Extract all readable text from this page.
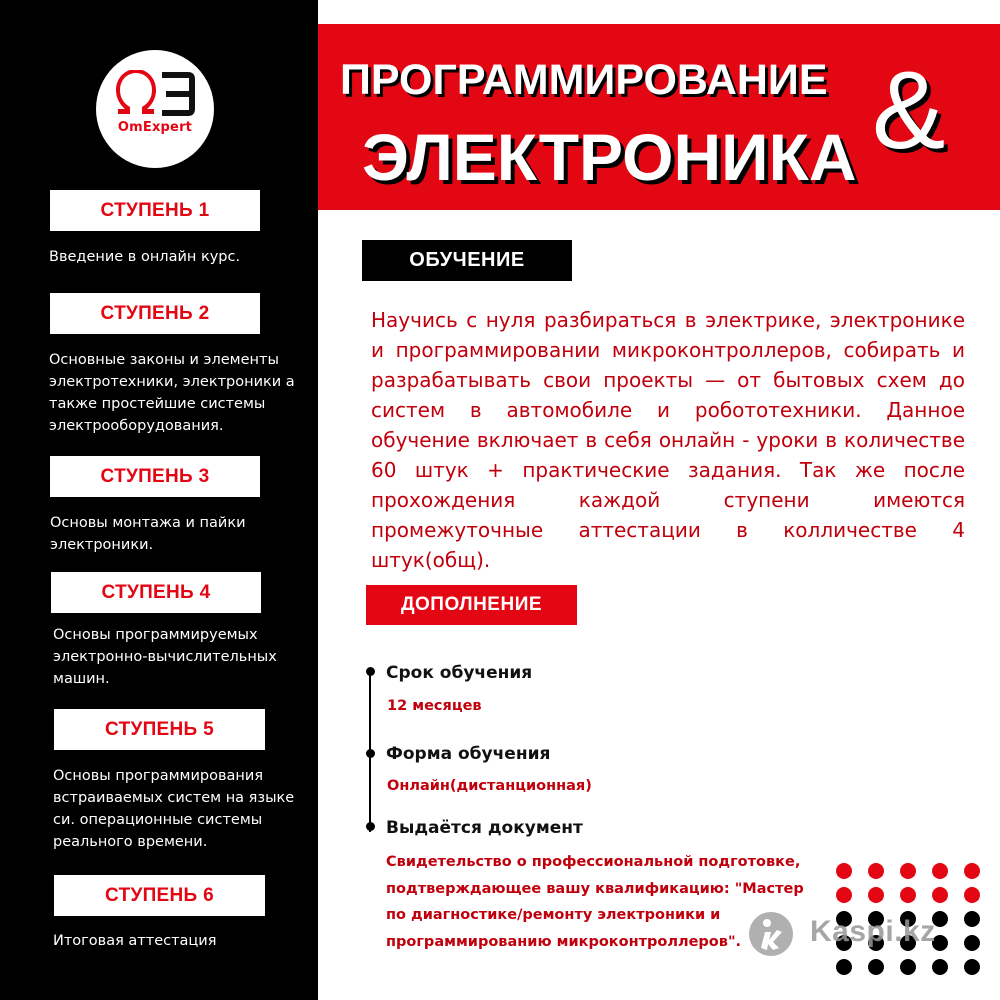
OmExpert
СТУПЕНЬ 1
Введение в онлайн курс.
СТУПЕНЬ 2
Основные законы и элементы электротехники, электроники а также простейшие системы электрооборудования.
СТУПЕНЬ 3
Основы монтажа и пайки электроники.
СТУПЕНЬ 4
Основы программируемых электронно-вычислительных машин.
СТУПЕНЬ 5
Основы программирования встраиваемых систем на языке си. операционные системы реального времени.
СТУПЕНЬ 6
Итоговая аттестация
ПРОГРАММИРОВАНИЕ
ЭЛЕКТРОНИКА &
ОБУЧЕНИЕ
Научись с нуля разбираться в электрике, электронике и программировании микроконтроллеров, собирать и разрабатывать свои проекты — от бытовых схем до систем в автомобиле и робототехники. Данное обучение включает в себя онлайн - уроки в количестве 60 штук + практические задания. Так же после прохождения каждой ступени имеются промежуточные аттестации в колличестве 4 штук(общ).
ДОПОЛНЕНИЕ
Срок обучения
12 месяцев
Форма обучения
Онлайн(дистанционная)
Выдаётся документ
Свидетельство о профессиональной подготовке, подтверждающее вашу квалификацию: "Мастер по диагностике/ремонту электроники и программированию микроконтроллеров".	Kaspi.kz
